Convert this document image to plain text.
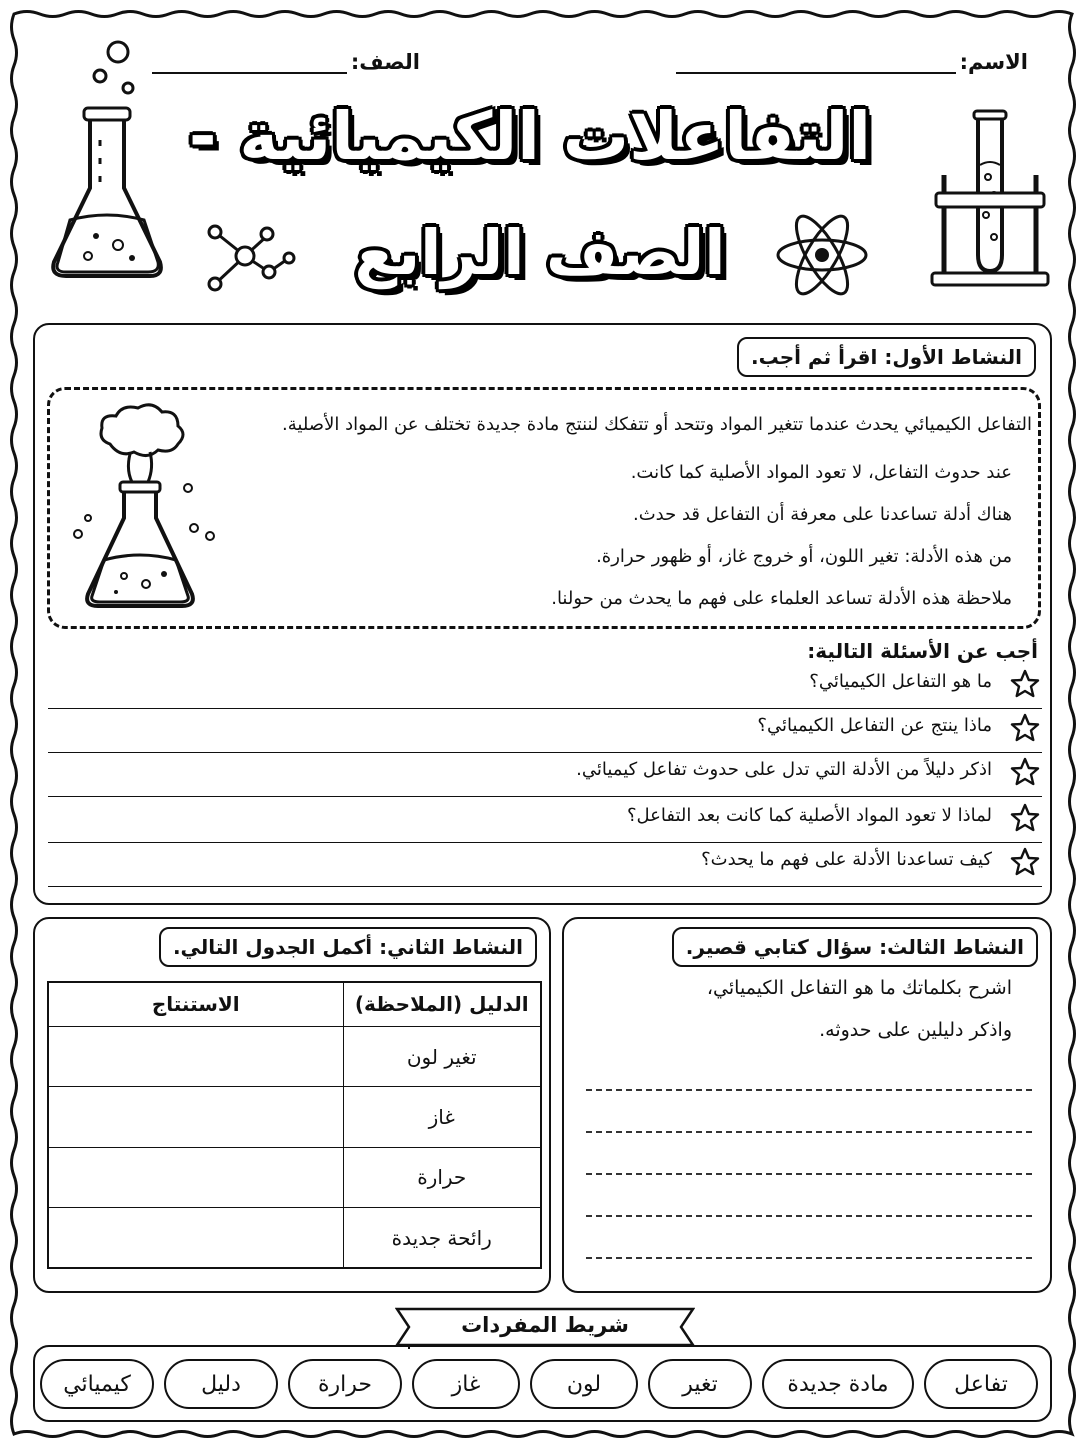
الاسم:
الصف:
التفاعلات الكيميائية -
الصف الرابع
النشاط الأول: اقرأ ثم أجب.

التفاعل الكيميائي يحدث عندما تتغير المواد وتتحد أو تتفكك لننتج مادة جديدة تختلف عن المواد الأصلية.

عند حدوث التفاعل، لا تعود المواد الأصلية كما كانت.

هناك أدلة تساعدنا على معرفة أن التفاعل قد حدث.

من هذه الأدلة: تغير اللون، أو خروج غاز، أو ظهور حرارة.

ملاحظة هذه الأدلة تساعد العلماء على فهم ما يحدث من حولنا.

أجب عن الأسئلة التالية:
ما هو التفاعل الكيميائي؟
ماذا ينتج عن التفاعل الكيميائي؟
اذكر دليلاً من الأدلة التي تدل على حدوث تفاعل كيميائي.
لماذا لا تعود المواد الأصلية كما كانت بعد التفاعل؟
كيف تساعدنا الأدلة على فهم ما يحدث؟
النشاط الثاني: أكمل الجدول التالي.
الدليل (الملاحظة)	الاستنتاج
تغير لون	
غاز	
حرارة	
رائحة جديدة	
النشاط الثالث: سؤال كتابي قصير.
اشرح بكلماتك ما هو التفاعل الكيميائي،
واذكر دليلين على حدوثه.
تفاعل
مادة جديدة
تغير
لون
غاز
حرارة
دليل
كيميائي
شريط المفردات
